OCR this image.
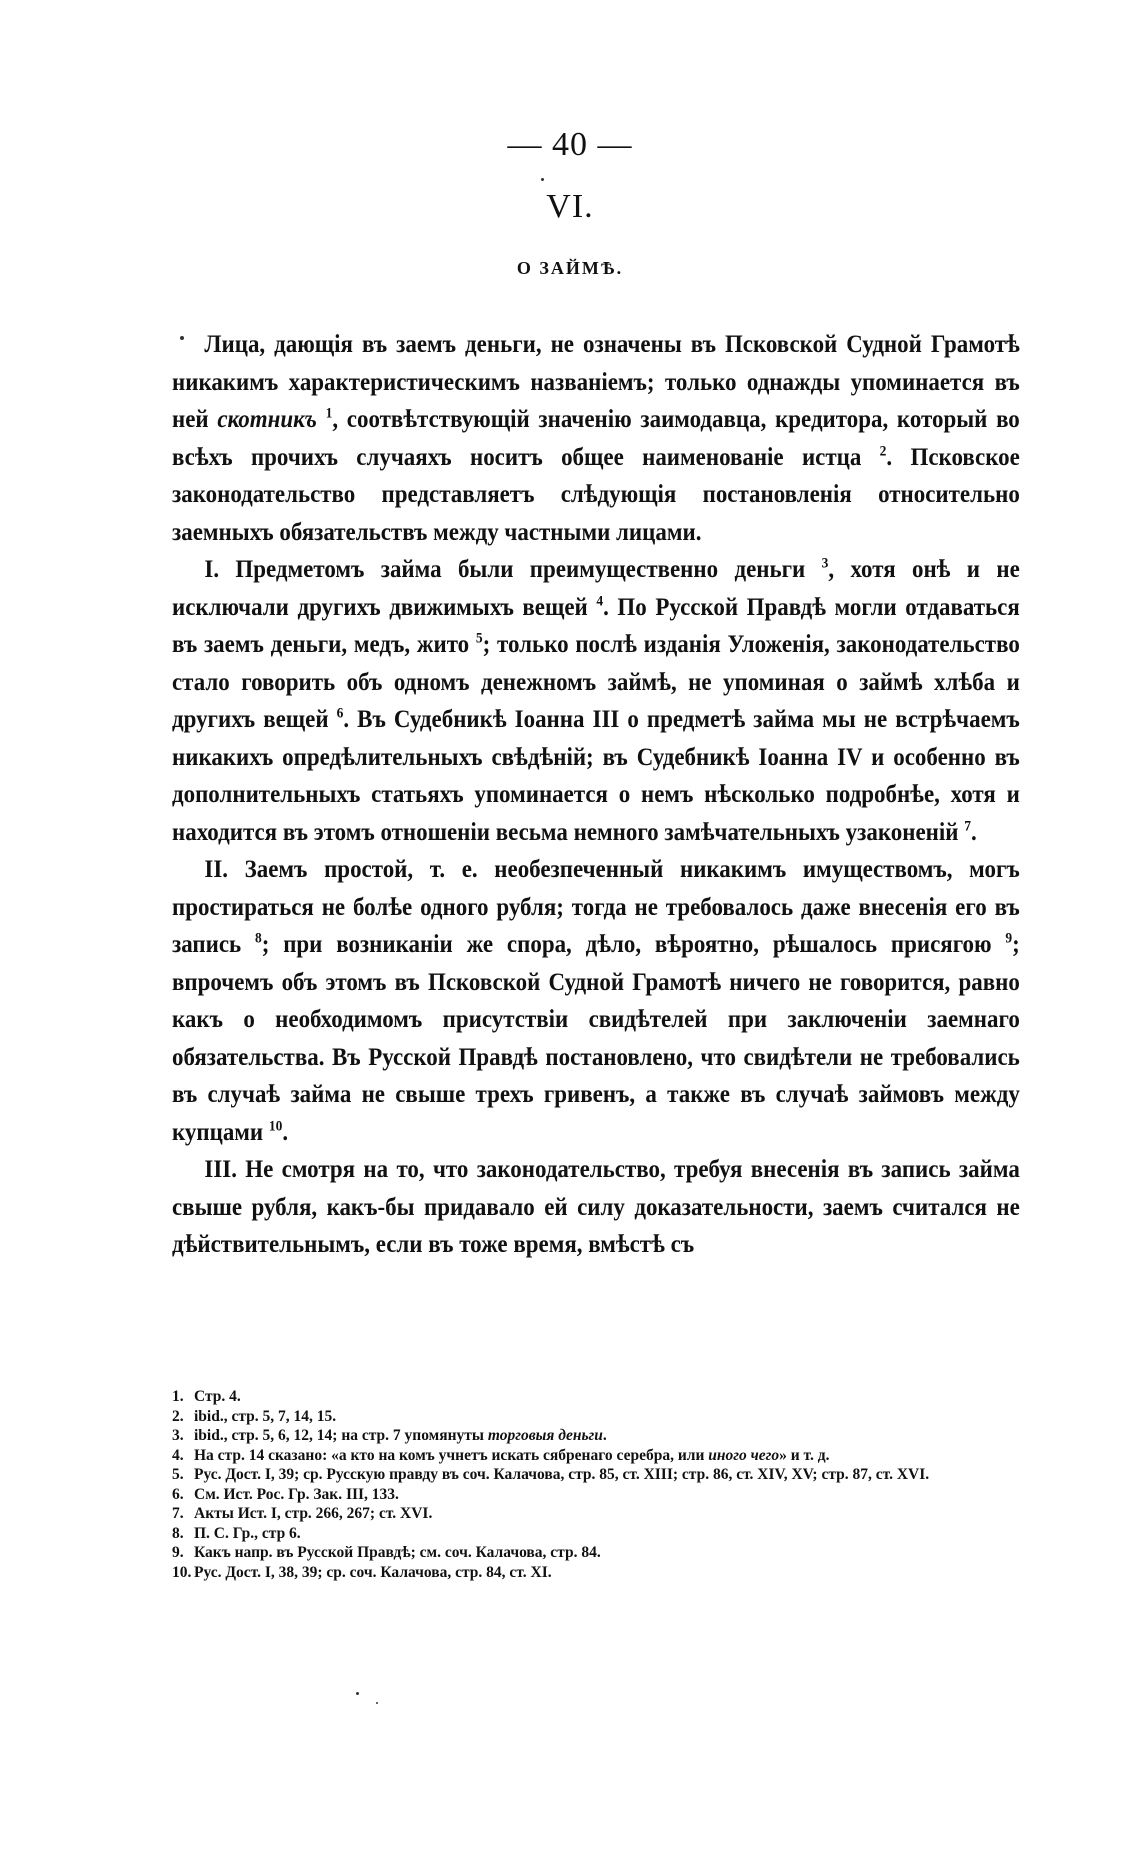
— 40 —
VI.
О ЗАЙМѢ.

Лица, дающія въ заемъ деньги, не означены въ Псковской Судной Грамотѣ никакимъ характеристическимъ названіемъ; только однажды упоминается въ ней скотникъ $^1$, соотвѣтствующій значенію заимодавца, кредитора, который во всѣхъ прочихъ случаяхъ носитъ общее наименованіе истца $^2$. Псковское законодательство представляетъ слѣдующія постановленія относительно заемныхъ обязательствъ между частными лицами.

I. Предметомъ займа были преимущественно деньги $^3$, хотя онѣ и не исключали другихъ движимыхъ вещей $^4$. По Русской Правдѣ могли отдаваться въ заемъ деньги, медъ, жито $^5$; только послѣ изданія Уложенія, законодательство стало говорить объ одномъ денежномъ займѣ, не упоминая о займѣ хлѣба и другихъ вещей $^6$. Въ Судебникѣ Іоанна III о предметѣ займа мы не встрѣчаемъ никакихъ опредѣлительныхъ свѣдѣній; въ Судебникѣ Іоанна IV и особенно въ дополнительныхъ статьяхъ упоминается о немъ нѣсколько подробнѣе, хотя и находится въ этомъ отношеніи весьма немного замѣчательныхъ узаконеній $^7$.

II. Заемъ простой, т. е. необезпеченный никакимъ имуществомъ, могъ простираться не болѣе одного рубля; тогда не требовалось даже внесенія его въ запись $^8$; при возниканіи же спора, дѣло, вѣроятно, рѣшалось присягою $^9$; впрочемъ объ этомъ въ Псковской Судной Грамотѣ ничего не говорится, равно какъ о необходимомъ присутствіи свидѣтелей при заключеніи заемнаго обязательства. Въ Русской Правдѣ постановлено, что свидѣтели не требовались въ случаѣ займа не свыше трехъ гривенъ, а также въ случаѣ займовъ между купцами $^{10}$.

III. Не смотря на то, что законодательство, требуя внесенія въ запись займа свыше рубля, какъ-бы придавало ей силу доказательности, заемъ считался не дѣйствительнымъ, если въ тоже время, вмѣстѣ съ

1. Стр. 4.
2. ibid., стр. 5, 7, 14, 15.
3. ibid., стр. 5, 6, 12, 14; на стр. 7 упомянуты торговыя деньги.
4. На стр. 14 сказано: «а кто на комъ учнетъ искать сябренаго серебра, или иного чего» и т. д.
5. Рус. Дост. I, 39; ср. Русскую правду въ соч. Калачова, стр. 85, ст. XIII; стр. 86, ст. XIV, XV; стр. 87, ст. XVI.
6. См. Ист. Рос. Гр. Зак. III, 133.
7. Акты Ист. I, стр. 266, 267; ст. XVI.
8. П. С. Гр., стр 6.
9. Какъ напр. въ Русской Правдѣ; см. соч. Калачова, стр. 84.
10. Рус. Дост. I, 38, 39; ср. соч. Калачова, стр. 84, ст. XI.
